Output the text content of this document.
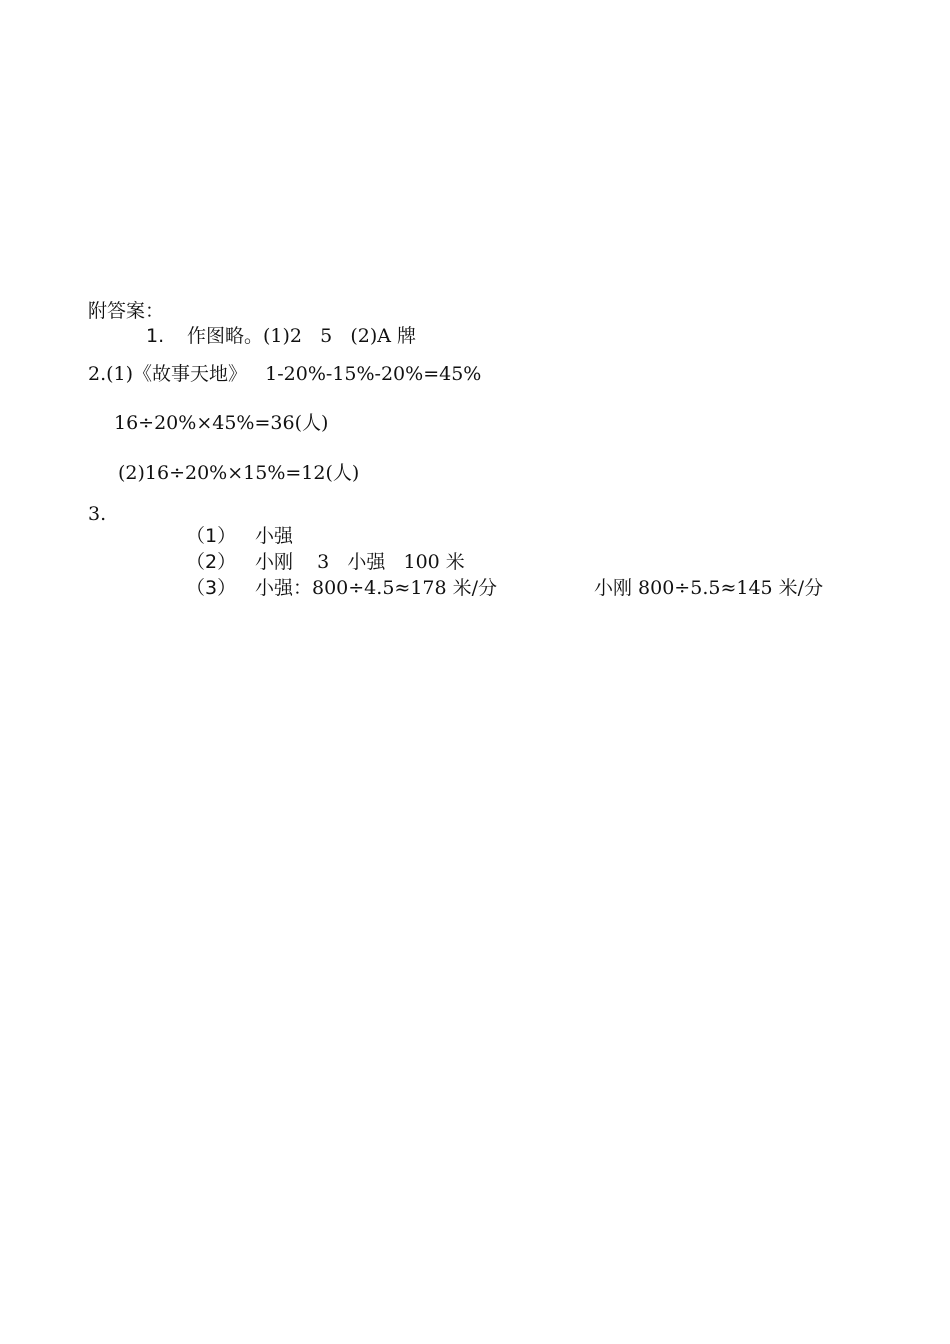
附答案：
1. 作图略。(1)2   5   (2)A 牌
2.(1)《故事天地》   1-20%-15%-20%=45%
16÷20%×45%=36(人)
(2)16÷20%×15%=12(人)
3.
（1） 小强
（2） 小刚    3   小强   100 米
（3） 小强：800÷4.5≈178 米/分	小刚 800÷5.5≈145 米/分
